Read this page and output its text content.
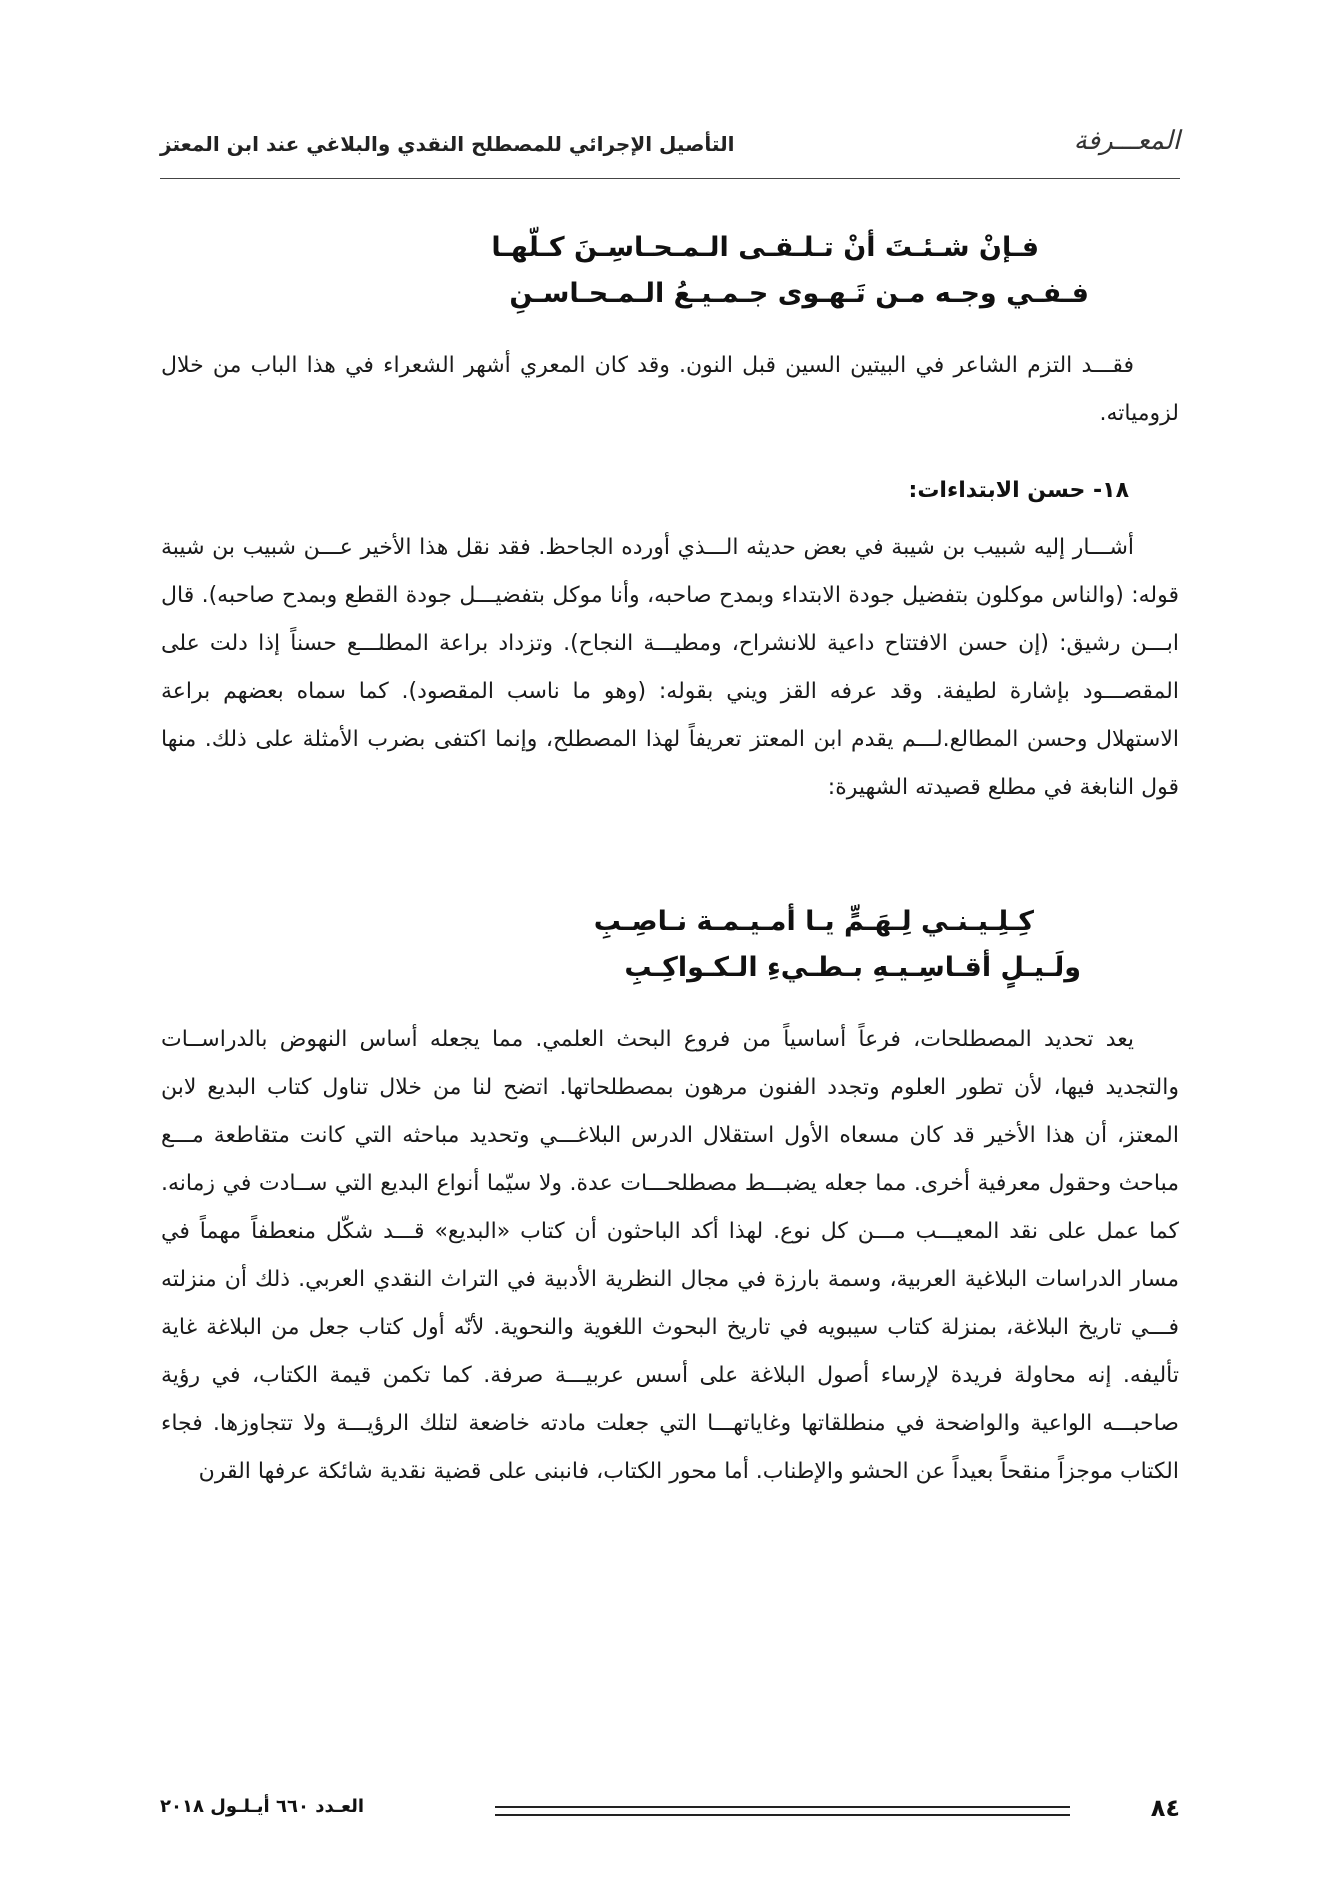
المعـــرفة
التأصيل الإجرائي للمصطلح النقدي والبلاغي عند ابن المعتز
فـإنْ شـئـتَ أنْ تـلـقـى الـمـحـاسِـنَ كـلّهـا
فـفـي وجـه مـن تَـهـوى جـمـيـعُ الـمـحـاسـنِ

فقـــد التزم الشاعر في البيتين السين قبل النون. وقد كان المعري أشهر الشعراء في هذا الباب من خلال لزومياته.

١٨- حسن الابتداءات:

أشـــار إليه شبيب بن شيبة في بعض حديثه الـــذي أورده الجاحظ. فقد نقل هذا الأخير عـــن شبيب بن شيبة قوله: (والناس موكلون بتفضيل جودة الابتداء وبمدح صاحبه، وأنا موكل بتفضيـــل جودة القطع وبمدح صاحبه). قال ابـــن رشيق: (إن حسن الافتتاح داعية للانشراح، ومطيـــة النجاح). وتزداد براعة المطلـــع حسناً إذا دلت على المقصـــود بإشارة لطيفة. وقد عرفه القز ويني بقوله: (وهو ما ناسب المقصود). كما سماه بعضهم براعة الاستهلال وحسن المطالع.لـــم يقدم ابن المعتز تعريفاً لهذا المصطلح، وإنما اكتفى بضرب الأمثلة على ذلك. منها قول النابغة في مطلع قصيدته الشهيرة:

كِـلِـيـنـي لِـهَـمٍّ يـا أمـيـمـة نـاصِـبِ
ولَـيـلٍ أقـاسِـيـهِ بـطـيءِ الـكـواكِـبِ

يعد تحديد المصطلحات، فرعاً أساسياً من فروع البحث العلمي. مما يجعله أساس النهوض بالدراســات والتجديد فيها، لأن تطور العلوم وتجدد الفنون مرهون بمصطلحاتها. اتضح لنا من خلال تناول كتاب البديع لابن المعتز، أن هذا الأخير قد كان مسعاه الأول استقلال الدرس البلاغـــي وتحديد مباحثه التي كانت متقاطعة مـــع مباحث وحقول معرفية أخرى. مما جعله يضبـــط مصطلحـــات عدة. ولا سيّما أنواع البديع التي ســادت في زمانه. كما عمل على نقد المعيـــب مـــن كل نوع. لهذا أكد الباحثون أن كتاب «البديع» قـــد شكّل منعطفاً مهماً في مسار الدراسات البلاغية العربية، وسمة بارزة في مجال النظرية الأدبية في التراث النقدي العربي. ذلك أن منزلته فـــي تاريخ البلاغة، بمنزلة كتاب سيبويه في تاريخ البحوث اللغوية والنحوية. لأنّه أول كتاب جعل من البلاغة غاية تأليفه. إنه محاولة فريدة لإرساء أصول البلاغة على أسس عربيـــة صرفة. كما تكمن قيمة الكتاب، في رؤية صاحبـــه الواعية والواضحة في منطلقاتها وغاياتهـــا التي جعلت مادته خاضعة لتلك الرؤيـــة ولا تتجاوزها. فجاء الكتاب موجزاً منقحاً بعيداً عن الحشو والإطناب. أما محور الكتاب، فانبنى على قضية نقدية شائكة عرفها القرن

٨٤
العـدد ٦٦٠ أيـلـول ٢٠١٨
